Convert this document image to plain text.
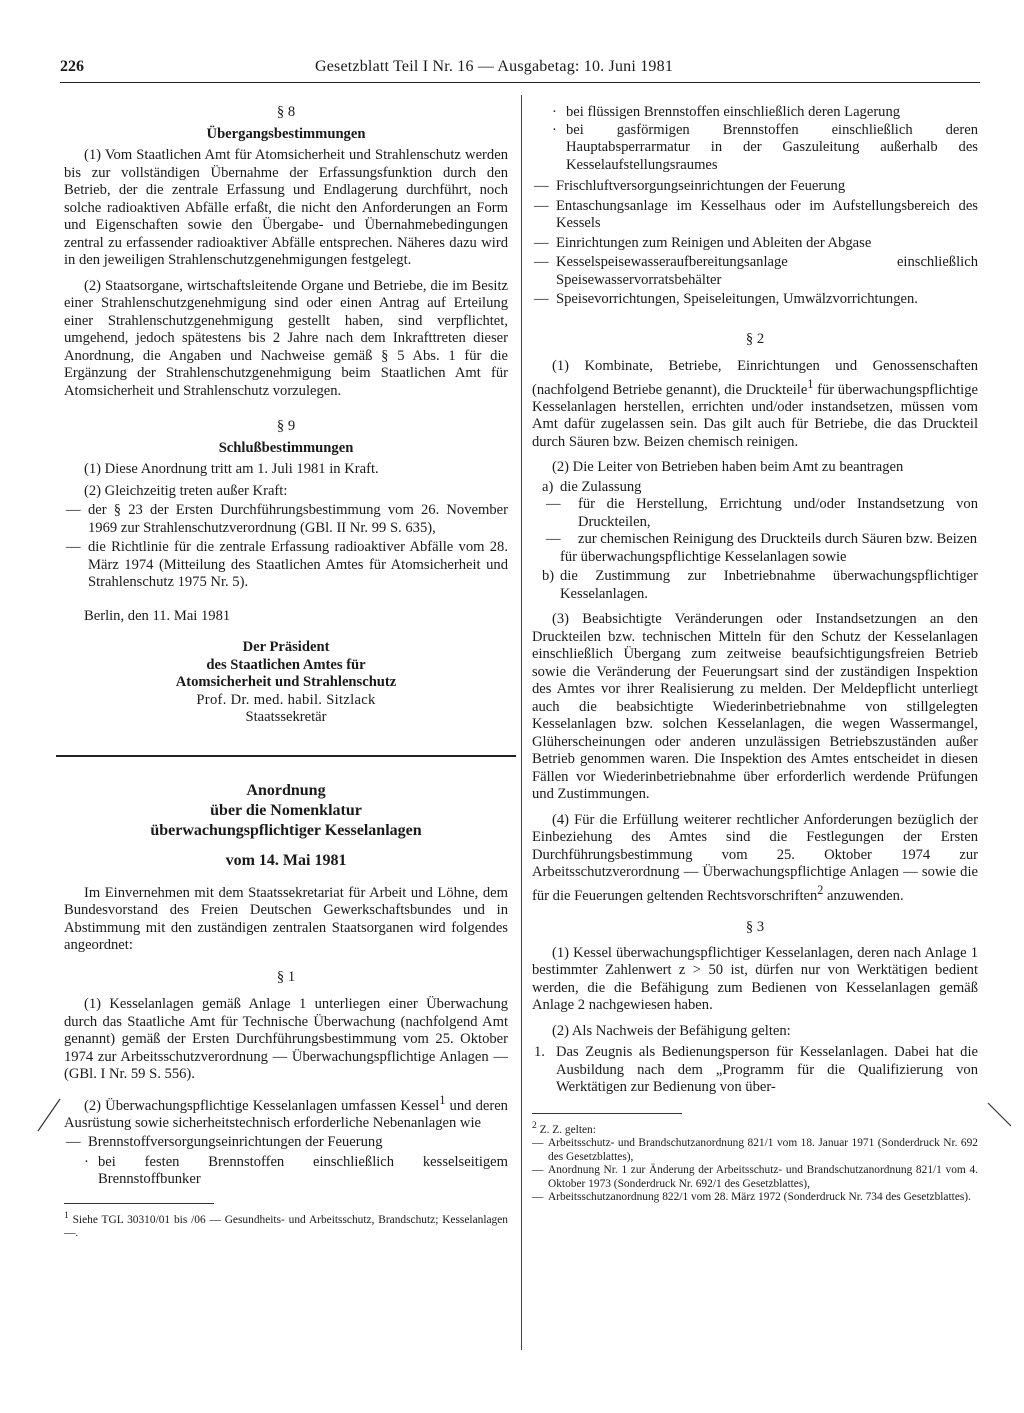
226	Gesetzblatt Teil I Nr. 16 — Ausgabetag: 10. Juni 1981

§ 8

Übergangsbestimmungen

(1) Vom Staatlichen Amt für Atomsicherheit und Strahlenschutz werden bis zur vollständigen Übernahme der Erfassungsfunktion durch den Betrieb, der die zentrale Erfassung und Endlagerung durchführt, noch solche radioaktiven Abfälle erfaßt, die nicht den Anforderungen an Form und Eigenschaften sowie den Übergabe- und Übernahmebedingungen zentral zu erfassender radioaktiver Abfälle entsprechen. Näheres dazu wird in den jeweiligen Strahlenschutzgenehmigungen festgelegt.

(2) Staatsorgane, wirtschaftsleitende Organe und Betriebe, die im Besitz einer Strahlenschutzgenehmigung sind oder einen Antrag auf Erteilung einer Strahlenschutzgenehmigung gestellt haben, sind verpflichtet, umgehend, jedoch spätestens bis 2 Jahre nach dem Inkrafttreten dieser Anordnung, die Angaben und Nachweise gemäß § 5 Abs. 1 für die Ergänzung der Strahlenschutzgenehmigung beim Staatlichen Amt für Atomsicherheit und Strahlenschutz vorzulegen.

§ 9

Schlußbestimmungen

(1) Diese Anordnung tritt am 1. Juli 1981 in Kraft.

(2) Gleichzeitig treten außer Kraft:

— der § 23 der Ersten Durchführungsbestimmung vom 26. November 1969 zur Strahlenschutzverordnung (GBl. II Nr. 99 S. 635),
— die Richtlinie für die zentrale Erfassung radioaktiver Abfälle vom 28. März 1974 (Mitteilung des Staatlichen Amtes für Atomsicherheit und Strahlenschutz 1975 Nr. 5).

Berlin, den 11. Mai 1981

Der Präsident

des Staatlichen Amtes für

Atomsicherheit und Strahlenschutz

Prof. Dr. med. habil. Sitzlack

Staatssekretär

Anordnung

über die Nomenklatur

überwachungspflichtiger Kesselanlagen

vom 14. Mai 1981

Im Einvernehmen mit dem Staatssekretariat für Arbeit und Löhne, dem Bundesvorstand des Freien Deutschen Gewerkschaftsbundes und in Abstimmung mit den zuständigen zentralen Staatsorganen wird folgendes angeordnet:

§ 1

(1) Kesselanlagen gemäß Anlage 1 unterliegen einer Überwachung durch das Staatliche Amt für Technische Überwachung (nachfolgend Amt genannt) gemäß der Ersten Durchführungsbestimmung vom 25. Oktober 1974 zur Arbeitsschutzverordnung — Überwachungspflichtige Anlagen — (GBl. I Nr. 59 S. 556).

(2) Überwachungspflichtige Kesselanlagen umfassen Kessel$^1$ und deren Ausrüstung sowie sicherheitstechnisch erforderliche Nebenanlagen wie

— Brennstoffversorgungseinrichtungen der Feuerung
· bei festen Brennstoffen einschließlich kesselseitigem Brennstoffbunker

$^1$ Siehe TGL 30310/01 bis /06 — Gesundheits- und Arbeitsschutz, Brandschutz; Kesselanlagen —.

· bei flüssigen Brennstoffen einschließlich deren Lagerung
· bei gasförmigen Brennstoffen einschließlich deren Hauptabsperrarmatur in der Gaszuleitung außerhalb des Kesselaufstellungsraumes
— Frischluftversorgungseinrichtungen der Feuerung
— Entaschungsanlage im Kesselhaus oder im Aufstellungsbereich des Kessels
— Einrichtungen zum Reinigen und Ableiten der Abgase
— Kesselspeisewasseraufbereitungsanlage einschließlich Speisewasservorratsbehälter
— Speisevorrichtungen, Speiseleitungen, Umwälzvorrichtungen.

§ 2

(1) Kombinate, Betriebe, Einrichtungen und Genossenschaften (nachfolgend Betriebe genannt), die Druckteile$^1$ für überwachungspflichtige Kesselanlagen herstellen, errichten und/oder instandsetzen, müssen vom Amt dafür zugelassen sein. Das gilt auch für Betriebe, die das Druckteil durch Säuren bzw. Beizen chemisch reinigen.

(2) Die Leiter von Betrieben haben beim Amt zu beantragen

a) die Zulassung
— für die Herstellung, Errichtung und/oder Instandsetzung von Druckteilen,
— zur chemischen Reinigung des Druckteils durch Säuren bzw. Beizen

für überwachungspflichtige Kesselanlagen sowie

b) die Zustimmung zur Inbetriebnahme überwachungspflichtiger Kesselanlagen.

(3) Beabsichtigte Veränderungen oder Instandsetzungen an den Druckteilen bzw. technischen Mitteln für den Schutz der Kesselanlagen einschließlich Übergang zum zeitweise beaufsichtigungsfreien Betrieb sowie die Veränderung der Feuerungsart sind der zuständigen Inspektion des Amtes vor ihrer Realisierung zu melden. Der Meldepflicht unterliegt auch die beabsichtigte Wiederinbetriebnahme von stillgelegten Kesselanlagen bzw. solchen Kesselanlagen, die wegen Wassermangel, Glüherscheinungen oder anderen unzulässigen Betriebszuständen außer Betrieb genommen waren. Die Inspektion des Amtes entscheidet in diesen Fällen vor Wiederinbetriebnahme über erforderlich werdende Prüfungen und Zustimmungen.

(4) Für die Erfüllung weiterer rechtlicher Anforderungen bezüglich der Einbeziehung des Amtes sind die Festlegungen der Ersten Durchführungsbestimmung vom 25. Oktober 1974 zur Arbeitsschutzverordnung — Überwachungspflichtige Anlagen — sowie die für die Feuerungen geltenden Rechtsvorschriften$^2$ anzuwenden.

§ 3

(1) Kessel überwachungspflichtiger Kesselanlagen, deren nach Anlage 1 bestimmter Zahlenwert z > 50 ist, dürfen nur von Werktätigen bedient werden, die die Befähigung zum Bedienen von Kesselanlagen gemäß Anlage 2 nachgewiesen haben.

(2) Als Nachweis der Befähigung gelten:

1. Das Zeugnis als Bedienungsperson für Kesselanlagen. Dabei hat die Ausbildung nach dem „Programm für die Qualifizierung von Werktätigen zur Bedienung von über-

$^2$ Z. Z. gelten:

— Arbeitsschutz- und Brandschutzanordnung 821/1 vom 18. Januar 1971 (Sonderdruck Nr. 692 des Gesetzblattes),
— Anordnung Nr. 1 zur Änderung der Arbeitsschutz- und Brandschutzanordnung 821/1 vom 4. Oktober 1973 (Sonderdruck Nr. 692/1 des Gesetzblattes),
— Arbeitsschutzanordnung 822/1 vom 28. März 1972 (Sonderdruck Nr. 734 des Gesetzblattes).
